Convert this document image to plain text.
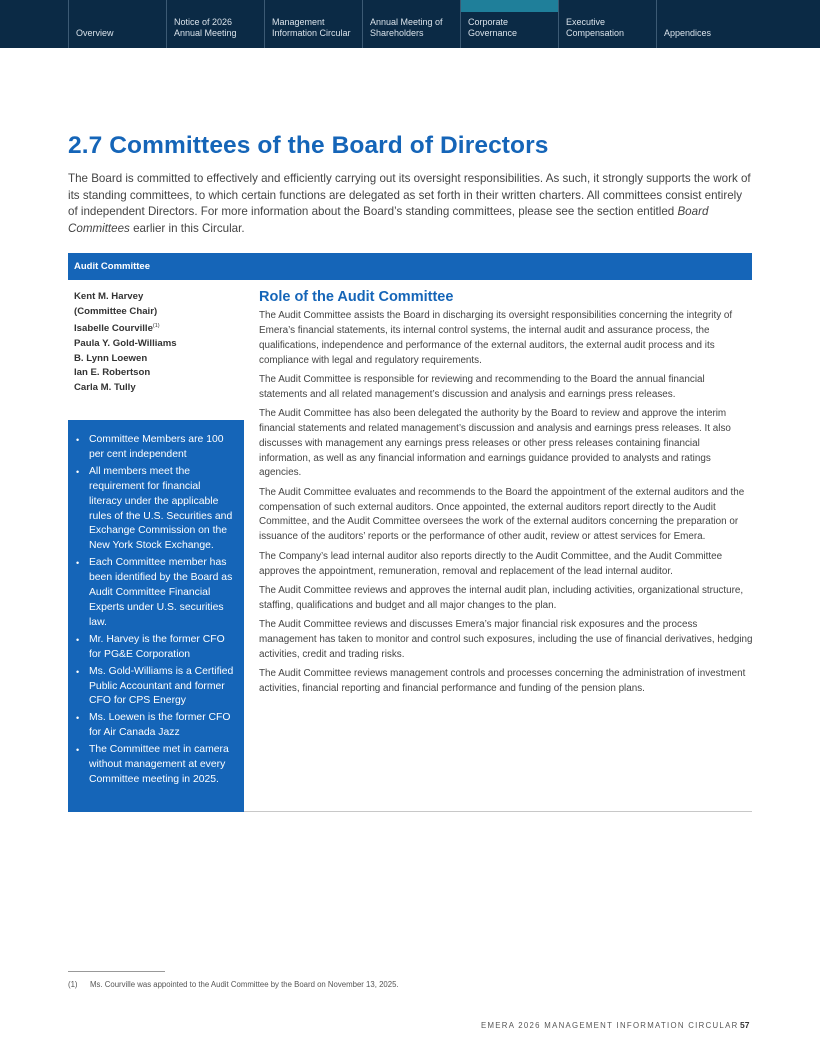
Overview
Notice of 2026
Annual Meeting
Management
Information Circular
Annual Meeting of
Shareholders
Corporate
Governance
Executive
Compensation	Appendices
2.7 Committees of the Board of Directors

The Board is committed to effectively and efficiently carrying out its oversight responsibilities. As such, it strongly supports the work of its standing committees, to which certain functions are delegated as set forth in their written charters. All committees consist entirely of independent Directors. For more information about the Board’s standing committees, please see the section entitled Board Committees earlier in this Circular.

Audit Committee
Kent M. Harvey
(Committee Chair)
Isabelle Courville$^{(1)}$
Paula Y. Gold-Williams
B. Lynn Loewen
Ian E. Robertson
Carla M. Tully
• Committee Members are 100 per cent independent
• All members meet the requirement for financial literacy under the applicable rules of the U.S. Securities and Exchange Commission on the New York Stock Exchange.
• Each Committee member has been identified by the Board as Audit Committee Financial Experts under U.S. securities law.
• Mr. Harvey is the former CFO for PG&E Corporation
• Ms. Gold-Williams is a Certified Public Accountant and former CFO for CPS Energy
• Ms. Loewen is the former CFO for Air Canada Jazz
• The Committee met in camera without management at every Committee meeting in 2025.
Role of the Audit Committee

The Audit Committee assists the Board in discharging its oversight responsibilities concerning the integrity of Emera’s financial statements, its internal control systems, the internal audit and assurance process, the qualifications, independence and performance of the external auditors, the external audit process and its compliance with legal and regulatory requirements.

The Audit Committee is responsible for reviewing and recommending to the Board the annual financial statements and all related management’s discussion and analysis and earnings press releases.

The Audit Committee has also been delegated the authority by the Board to review and approve the interim financial statements and related management’s discussion and analysis and earnings press releases. It also discusses with management any earnings press releases or other press releases containing financial information, as well as any financial information and earnings guidance provided to analysts and ratings agencies.

The Audit Committee evaluates and recommends to the Board the appointment of the external auditors and the compensation of such external auditors. Once appointed, the external auditors report directly to the Audit Committee, and the Audit Committee oversees the work of the external auditors concerning the preparation or issuance of the auditors’ reports or the performance of other audit, review or attest services for Emera.

The Company’s lead internal auditor also reports directly to the Audit Committee, and the Audit Committee approves the appointment, remuneration, removal and replacement of the lead internal auditor.

The Audit Committee reviews and approves the internal audit plan, including activities, organizational structure, staffing, qualifications and budget and all major changes to the plan.

The Audit Committee reviews and discusses Emera’s major financial risk exposures and the process management has taken to monitor and control such exposures, including the use of financial derivatives, hedging activities, credit and trading risks.

The Audit Committee reviews management controls and processes concerning the administration of investment activities, financial reporting and financial performance and funding of the pension plans.

(1) Ms. Courville was appointed to the Audit Committee by the Board on November 13, 2025.

EMERA 2026 MANAGEMENT INFORMATION CIRCULAR 57
